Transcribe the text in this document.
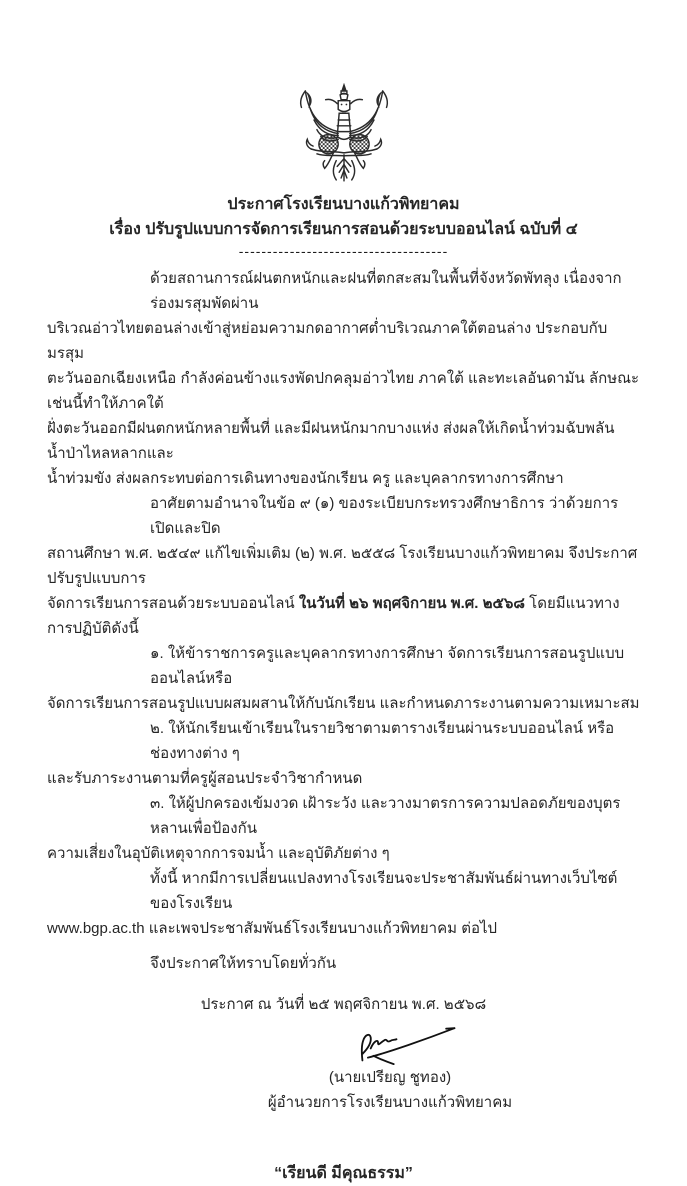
ประกาศโรงเรียนบางแก้วพิทยาคม
เรื่อง ปรับรูปแบบการจัดการเรียนการสอนด้วยระบบออนไลน์ ฉบับที่ ๔
-------------------------------------
ด้วยสถานการณ์ฝนตกหนักและฝนที่ตกสะสมในพื้นที่จังหวัดพัทลุง เนื่องจากร่องมรสุมพัดผ่าน
บริเวณอ่าวไทยตอนล่างเข้าสู่หย่อมความกดอากาศต่ำบริเวณภาคใต้ตอนล่าง ประกอบกับมรสุม
ตะวันออกเฉียงเหนือ กำลังค่อนข้างแรงพัดปกคลุมอ่าวไทย ภาคใต้ และทะเลอันดามัน ลักษณะเช่นนี้ทำให้ภาคใต้
ฝั่งตะวันออกมีฝนตกหนักหลายพื้นที่ และมีฝนหนักมากบางแห่ง ส่งผลให้เกิดน้ำท่วมฉับพลัน น้ำป่าไหลหลากและ
น้ำท่วมขัง ส่งผลกระทบต่อการเดินทางของนักเรียน ครู และบุคลากรทางการศึกษา
อาศัยตามอำนาจในข้อ ๙ (๑) ของระเบียบกระทรวงศึกษาธิการ ว่าด้วยการเปิดและปิด
สถานศึกษา พ.ศ. ๒๕๔๙ แก้ไขเพิ่มเติม (๒) พ.ศ. ๒๕๕๘ โรงเรียนบางแก้วพิทยาคม จึงประกาศปรับรูปแบบการ
จัดการเรียนการสอนด้วยระบบออนไลน์ ในวันที่ ๒๖ พฤศจิกายน พ.ศ. ๒๕๖๘ โดยมีแนวทางการปฏิบัติดังนี้
๑. ให้ข้าราชการครูและบุคลากรทางการศึกษา จัดการเรียนการสอนรูปแบบออนไลน์หรือ
จัดการเรียนการสอนรูปแบบผสมผสานให้กับนักเรียน และกำหนดภาระงานตามความเหมาะสม
๒. ให้นักเรียนเข้าเรียนในรายวิชาตามตารางเรียนผ่านระบบออนไลน์ หรือช่องทางต่าง ๆ
และรับภาระงานตามที่ครูผู้สอนประจำวิชากำหนด
๓. ให้ผู้ปกครองเข้มงวด เฝ้าระวัง และวางมาตรการความปลอดภัยของบุตรหลานเพื่อป้องกัน
ความเสี่ยงในอุบัติเหตุจากการจมน้ำ และอุบัติภัยต่าง ๆ
ทั้งนี้ หากมีการเปลี่ยนแปลงทางโรงเรียนจะประชาสัมพันธ์ผ่านทางเว็บไซต์ของโรงเรียน
www.bgp.ac.th และเพจประชาสัมพันธ์โรงเรียนบางแก้วพิทยาคม ต่อไป
จึงประกาศให้ทราบโดยทั่วกัน
ประกาศ ณ วันที่ ๒๕ พฤศจิกายน พ.ศ. ๒๕๖๘
(นายเปรียญ ชูทอง)
ผู้อำนวยการโรงเรียนบางแก้วพิทยาคม
“เรียนดี มีคุณธรรม”
